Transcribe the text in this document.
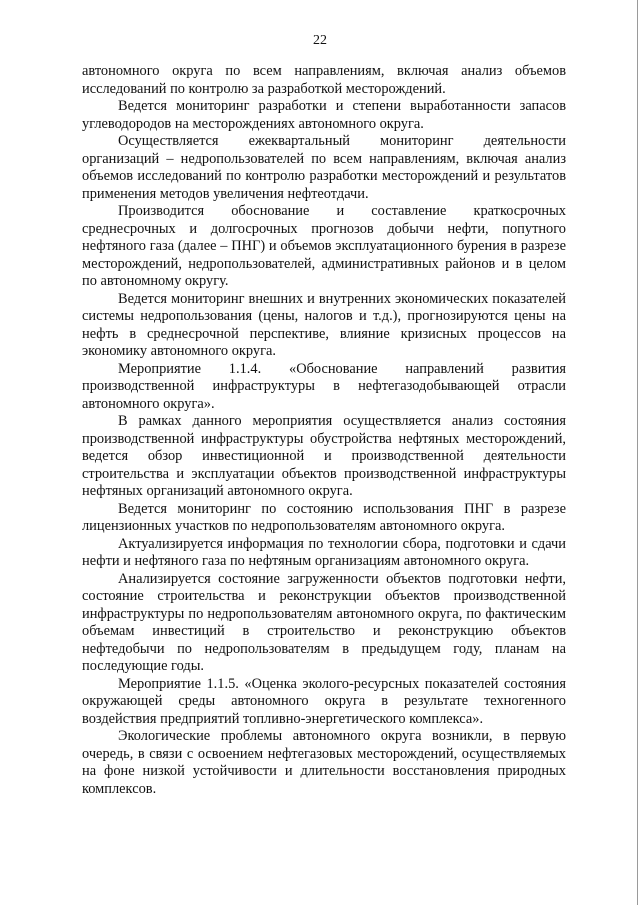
22

автономного округа по всем направлениям, включая анализ объемов исследований по контролю за разработкой месторождений.

Ведется мониторинг разработки и степени выработанности запасов углеводородов на месторождениях автономного округа.

Осуществляется ежеквартальный мониторинг деятельности организаций – недропользователей по всем направлениям, включая анализ объемов исследований по контролю разработки месторождений и результатов применения методов увеличения нефтеотдачи.

Производится обоснование и составление краткосрочных среднесрочных и долгосрочных прогнозов добычи нефти, попутного нефтяного газа (далее – ПНГ) и объемов эксплуатационного бурения в разрезе месторождений, недропользователей, административных районов и в целом по автономному округу.

Ведется мониторинг внешних и внутренних экономических показателей системы недропользования (цены, налогов и т.д.), прогнозируются цены на нефть в среднесрочной перспективе, влияние кризисных процессов на экономику автономного округа.

Мероприятие 1.1.4. «Обоснование направлений развития производственной инфраструктуры в нефтегазодобывающей отрасли автономного округа».

В рамках данного мероприятия осуществляется анализ состояния производственной инфраструктуры обустройства нефтяных месторождений, ведется обзор инвестиционной и производственной деятельности строительства и эксплуатации объектов производственной инфраструктуры нефтяных организаций автономного округа.

Ведется мониторинг по состоянию использования ПНГ в разрезе лицензионных участков по недропользователям автономного округа.

Актуализируется информация по технологии сбора, подготовки и сдачи нефти и нефтяного газа по нефтяным организациям автономного округа.

Анализируется состояние загруженности объектов подготовки нефти, состояние строительства и реконструкции объектов производственной инфраструктуры по недропользователям автономного округа, по фактическим объемам инвестиций в строительство и реконструкцию объектов нефтедобычи по недропользователям в предыдущем году, планам на последующие годы.

Мероприятие 1.1.5. «Оценка эколого-ресурсных показателей состояния окружающей среды автономного округа в результате техногенного воздействия предприятий топливно-энергетического комплекса».

Экологические проблемы автономного округа возникли, в первую очередь, в связи с освоением нефтегазовых месторождений, осуществляемых на фоне низкой устойчивости и длительности восстановления природных комплексов.
